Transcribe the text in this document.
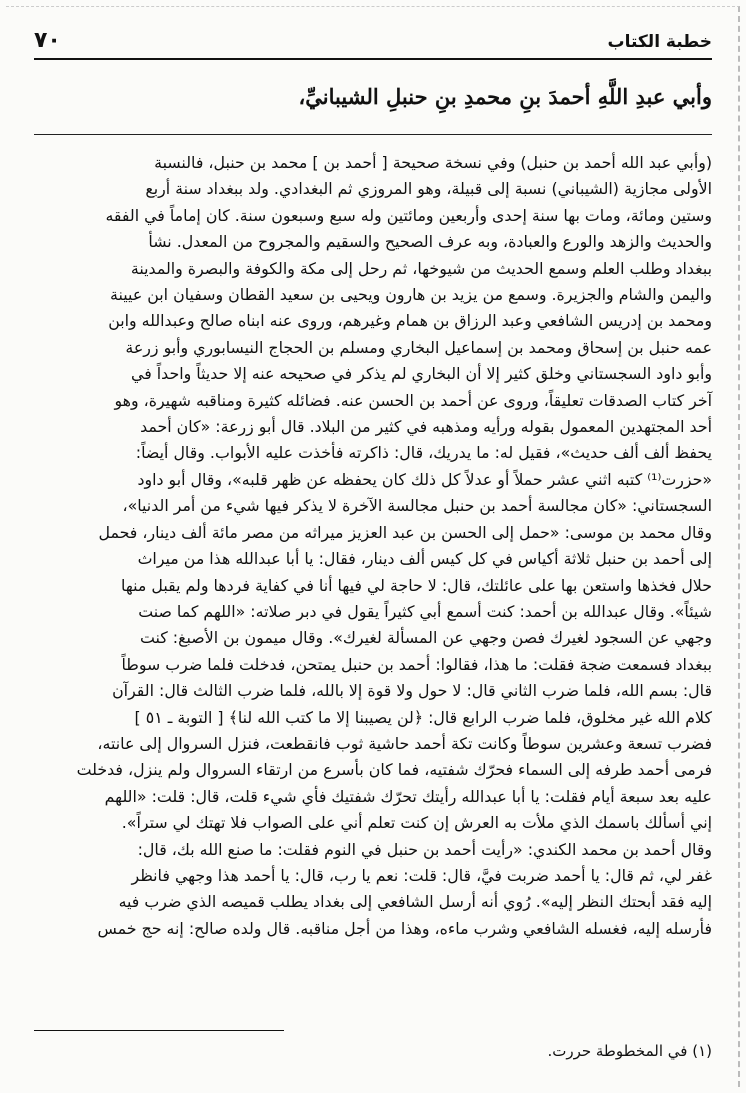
خطبة الكتاب
٧٠
وأبي عبدِ اللَّهِ أحمدَ بنِ محمدِ بنِ حنبلِ الشيبانيِّ،

(وأبي عبد الله أحمد بن حنبل) وفي نسخة صحيحة [ أحمد بن ] محمد بن حنبل، فالنسبة

الأولى مجازية (الشيباني) نسبة إلى قبيلة، وهو المروزي ثم البغدادي. ولد ببغداد سنة أربع

وستين ومائة، ومات بها سنة إحدى وأربعين ومائتين وله سبع وسبعون سنة. كان إماماً في الفقه

والحديث والزهد والورع والعبادة، وبه عرف الصحيح والسقيم والمجروح من المعدل. نشأ

ببغداد وطلب العلم وسمع الحديث من شيوخها، ثم رحل إلى مكة والكوفة والبصرة والمدينة

واليمن والشام والجزيرة. وسمع من يزيد بن هارون ويحيى بن سعيد القطان وسفيان ابن عيينة

ومحمد بن إدريس الشافعي وعبد الرزاق بن همام وغيرهم، وروى عنه ابناه صالح وعبدالله وابن

عمه حنبل بن إسحاق ومحمد بن إسماعيل البخاري ومسلم بن الحجاج النيسابوري وأبو زرعة

وأبو داود السجستاني وخلق كثير إلا أن البخاري لم يذكر في صحيحه عنه إلا حديثاً واحداً في

آخر كتاب الصدقات تعليقاً، وروى عن أحمد بن الحسن عنه. فضائله كثيرة ومناقبه شهيرة، وهو

أحد المجتهدين المعمول بقوله ورأيه ومذهبه في كثير من البلاد. قال أبو زرعة: «كان أحمد

يحفظ ألف ألف حديث»، فقيل له: ما يدريك، قال: ذاكرته فأخذت عليه الأبواب. وقال أيضاً:

«حزرت⁽¹⁾ كتبه اثني عشر حملاً أو عدلاً كل ذلك كان يحفظه عن ظهر قلبه»، وقال أبو داود

السجستاني: «كان مجالسة أحمد بن حنبل مجالسة الآخرة لا يذكر فيها شيء من أمر الدنيا»،

وقال محمد بن موسى: «حمل إلى الحسن بن عبد العزيز ميراثه من مصر مائة ألف دينار، فحمل

إلى أحمد بن حنبل ثلاثة أكياس في كل كيس ألف دينار، فقال: يا أبا عبدالله هذا من ميراث

حلال فخذها واستعن بها على عائلتك، قال: لا حاجة لي فيها أنا في كفاية فردها ولم يقبل منها

شيئاً». وقال عبدالله بن أحمد: كنت أسمع أبي كثيراً يقول في دبر صلاته: «اللهم كما صنت

وجهي عن السجود لغيرك فصن وجهي عن المسألة لغيرك». وقال ميمون بن الأصبغ: كنت

ببغداد فسمعت ضجة فقلت: ما هذا، فقالوا: أحمد بن حنبل يمتحن، فدخلت فلما ضرب سوطاً

قال: بسم الله، فلما ضرب الثاني قال: لا حول ولا قوة إلا بالله، فلما ضرب الثالث قال: القرآن

كلام الله غير مخلوق، فلما ضرب الرابع قال: ﴿لن يصيبنا إلا ما كتب الله لنا﴾ [ التوبة ـ ٥١ ]

فضرب تسعة وعشرين سوطاً وكانت تكة أحمد حاشية ثوب فانقطعت، فنزل السروال إلى عانته،

فرمى أحمد طرفه إلى السماء فحرّك شفتيه، فما كان بأسرع من ارتقاء السروال ولم ينزل، فدخلت

عليه بعد سبعة أيام فقلت: يا أبا عبدالله رأيتك تحرّك شفتيك فأي شيء قلت، قال: قلت: «اللهم

إني أسألك باسمك الذي ملأت به العرش إن كنت تعلم أني على الصواب فلا تهتك لي ستراً».

وقال أحمد بن محمد الكندي: «رأيت أحمد بن حنبل في النوم فقلت: ما صنع الله بك، قال:

غفر لي، ثم قال: يا أحمد ضربت فيَّ، قال: قلت: نعم يا رب، قال: يا أحمد هذا وجهي فانظر

إليه فقد أبحتك النظر إليه». رُوي أنه أرسل الشافعي إلى بغداد يطلب قميصه الذي ضرب فيه

فأرسله إليه، فغسله الشافعي وشرب ماءه، وهذا من أجل مناقبه. قال ولده صالح: إنه حج خمس

(١) في المخطوطة حررت.
